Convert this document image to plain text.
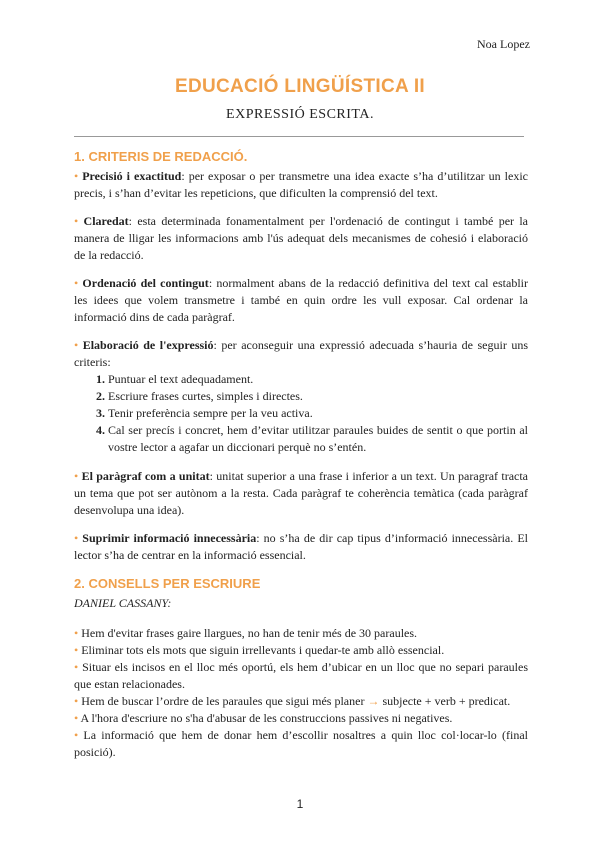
Noa Lopez
EDUCACIÓ LINGÜÍSTICA II
EXPRESSIÓ ESCRITA.
1. CRITERIS DE REDACCIÓ.

• Precisió i exactitud: per exposar o per transmetre una idea exacte s’ha d’utilitzar un lexic precis, i s’han d’evitar les repeticions, que dificulten la comprensió del text.

• Claredat: esta determinada fonamentalment per l'ordenació de contingut i també per la manera de lligar les informacions amb l'ús adequat dels mecanismes de cohesió i elaboració de la redacció.

• Ordenació del contingut: normalment abans de la redacció definitiva del text cal establir les idees que volem transmetre i també en quin ordre les vull exposar. Cal ordenar la informació dins de cada paràgraf.

• Elaboració de l'expressió: per aconseguir una expressió adecuada s’hauria de seguir uns criteris:

1. Puntuar el text adequadament.
2. Escriure frases curtes, simples i directes.
3. Tenir preferència sempre per la veu activa.
4. Cal ser precís i concret, hem d’evitar utilitzar paraules buides de sentit o que portin al vostre lector a agafar un diccionari perquè no s’entén.

• El paràgraf com a unitat: unitat superior a una frase i inferior a un text. Un paragraf tracta un tema que pot ser autònom a la resta. Cada paràgraf te coherència temàtica (cada paràgraf desenvolupa una idea).

• Suprimir informació innecessària: no s’ha de dir cap tipus d’informació innecessària. El lector s’ha de centrar en la informació essencial.

2. CONSELLS PER ESCRIURE
DANIEL CASSANY:

• Hem d'evitar frases gaire llargues, no han de tenir més de 30 paraules.

• Eliminar tots els mots que siguin irrellevants i quedar-te amb allò essencial.

• Situar els incisos en el lloc més oportú, els hem d’ubicar en un lloc que no separi paraules que estan relacionades.

• Hem de buscar l’ordre de les paraules que sigui més planer → subjecte + verb + predicat.

• A l'hora d'escriure no s'ha d'abusar de les construccions passives ni negatives.

• La informació que hem de donar hem d’escollir nosaltres a quin lloc col·locar-lo (final posició).

1
